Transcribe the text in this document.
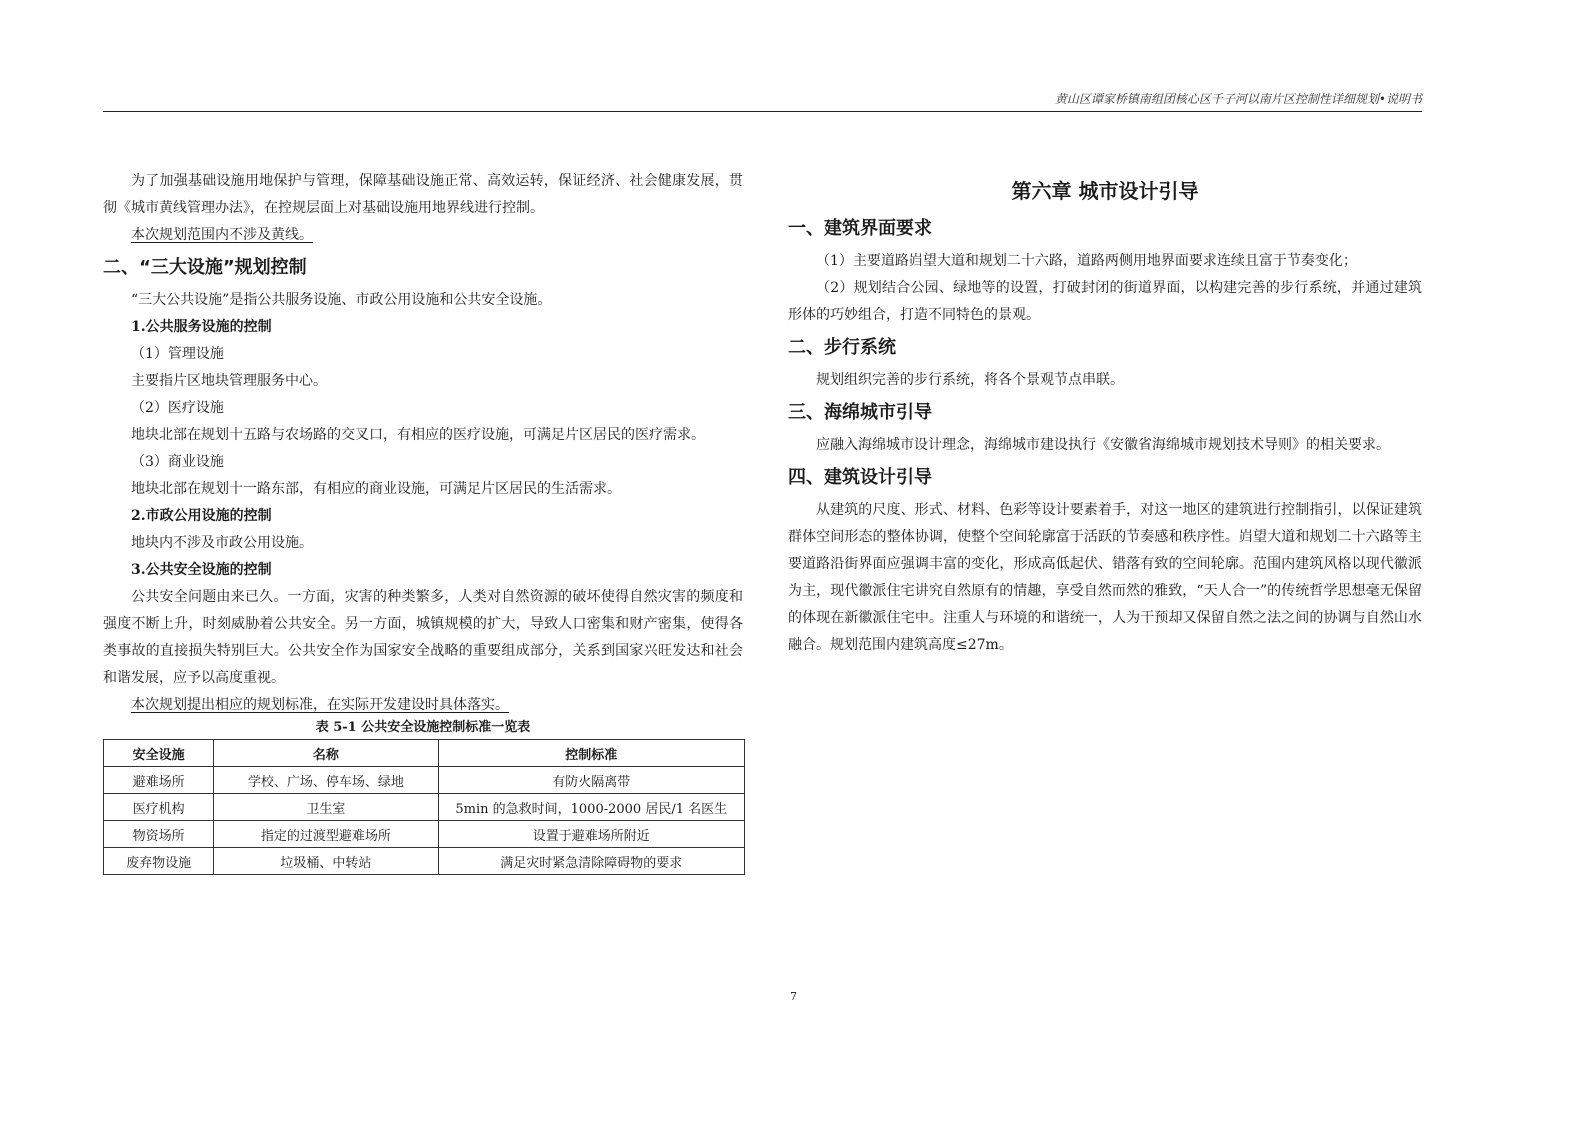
黄山区谭家桥镇南组团核心区千子河以南片区控制性详细规划•说明书

为了加强基础设施用地保护与管理，保障基础设施正常、高效运转，保证经济、社会健康发展，贯彻《城市黄线管理办法》，在控规层面上对基础设施用地界线进行控制。

本次规划范围内不涉及黄线。

二、“三大设施”规划控制

“三大公共设施”是指公共服务设施、市政公用设施和公共安全设施。

1.公共服务设施的控制

（1）管理设施

主要指片区地块管理服务中心。

（2）医疗设施

地块北部在规划十五路与农场路的交叉口，有相应的医疗设施，可满足片区居民的医疗需求。

（3）商业设施

地块北部在规划十一路东部，有相应的商业设施，可满足片区居民的生活需求。

2.市政公用设施的控制

地块内不涉及市政公用设施。

3.公共安全设施的控制

公共安全问题由来已久。一方面，灾害的种类繁多，人类对自然资源的破坏使得自然灾害的频度和强度不断上升，时刻威胁着公共安全。另一方面，城镇规模的扩大，导致人口密集和财产密集，使得各类事故的直接损失特别巨大。公共安全作为国家安全战略的重要组成部分，关系到国家兴旺发达和社会和谐发展，应予以高度重视。

本次规划提出相应的规划标准，在实际开发建设时具体落实。

表 5-1 公共安全设施控制标准一览表
安全设施	名称	控制标准
避难场所	学校、广场、停车场、绿地	有防火隔离带
医疗机构	卫生室	5min 的急救时间，1000-2000 居民/1 名医生
物资场所	指定的过渡型避难场所	设置于避难场所附近
废弃物设施	垃圾桶、中转站	满足灾时紧急清除障碍物的要求
第六章 城市设计引导
一、建筑界面要求

（1）主要道路岿望大道和规划二十六路，道路两侧用地界面要求连续且富于节奏变化；

（2）规划结合公园、绿地等的设置，打破封闭的街道界面，以构建完善的步行系统，并通过建筑形体的巧妙组合，打造不同特色的景观。

二、步行系统

规划组织完善的步行系统，将各个景观节点串联。

三、海绵城市引导

应融入海绵城市设计理念，海绵城市建设执行《安徽省海绵城市规划技术导则》的相关要求。

四、建筑设计引导

从建筑的尺度、形式、材料、色彩等设计要素着手，对这一地区的建筑进行控制指引，以保证建筑群体空间形态的整体协调，使整个空间轮廓富于活跃的节奏感和秩序性。岿望大道和规划二十六路等主要道路沿街界面应强调丰富的变化，形成高低起伏、错落有致的空间轮廓。范围内建筑风格以现代徽派为主，现代徽派住宅讲究自然原有的情趣，享受自然而然的雅致，“天人合一”的传统哲学思想毫无保留的体现在新徽派住宅中。注重人与环境的和谐统一，人为干预却又保留自然之法之间的协调与自然山水融合。规划范围内建筑高度≤27m。

7
